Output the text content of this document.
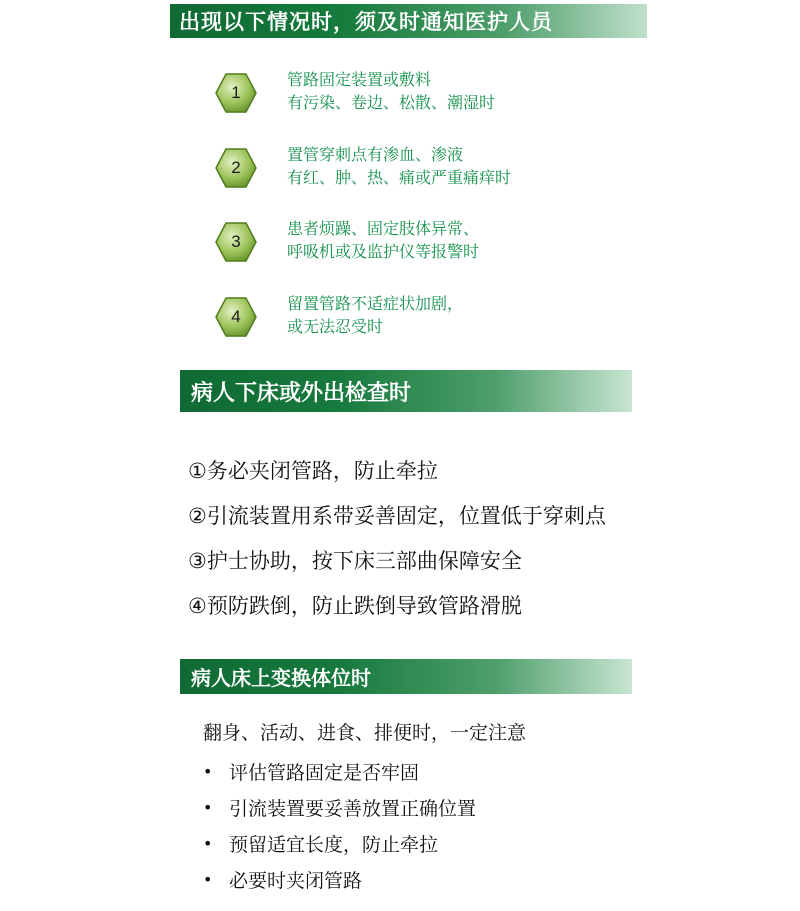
出现以下情况时，须及时通知医护人员
1
管路固定装置或敷料
有污染、卷边、松散、潮湿时
2
置管穿刺点有渗血、渗液
有红、肿、热、痛或严重痛痒时
3
患者烦躁、固定肢体异常、
呼吸机或及监护仪等报警时
4
留置管路不适症状加剧，
或无法忍受时
病人下床或外出检查时
①务必夹闭管路，防止牵拉
②引流装置用系带妥善固定，位置低于穿刺点
③护士协助，按下床三部曲保障安全
④预防跌倒，防止跌倒导致管路滑脱
病人床上变换体位时
翻身、活动、进食、排便时，一定注意
• 评估管路固定是否牢固
• 引流装置要妥善放置正确位置
• 预留适宜长度，防止牵拉
• 必要时夹闭管路
